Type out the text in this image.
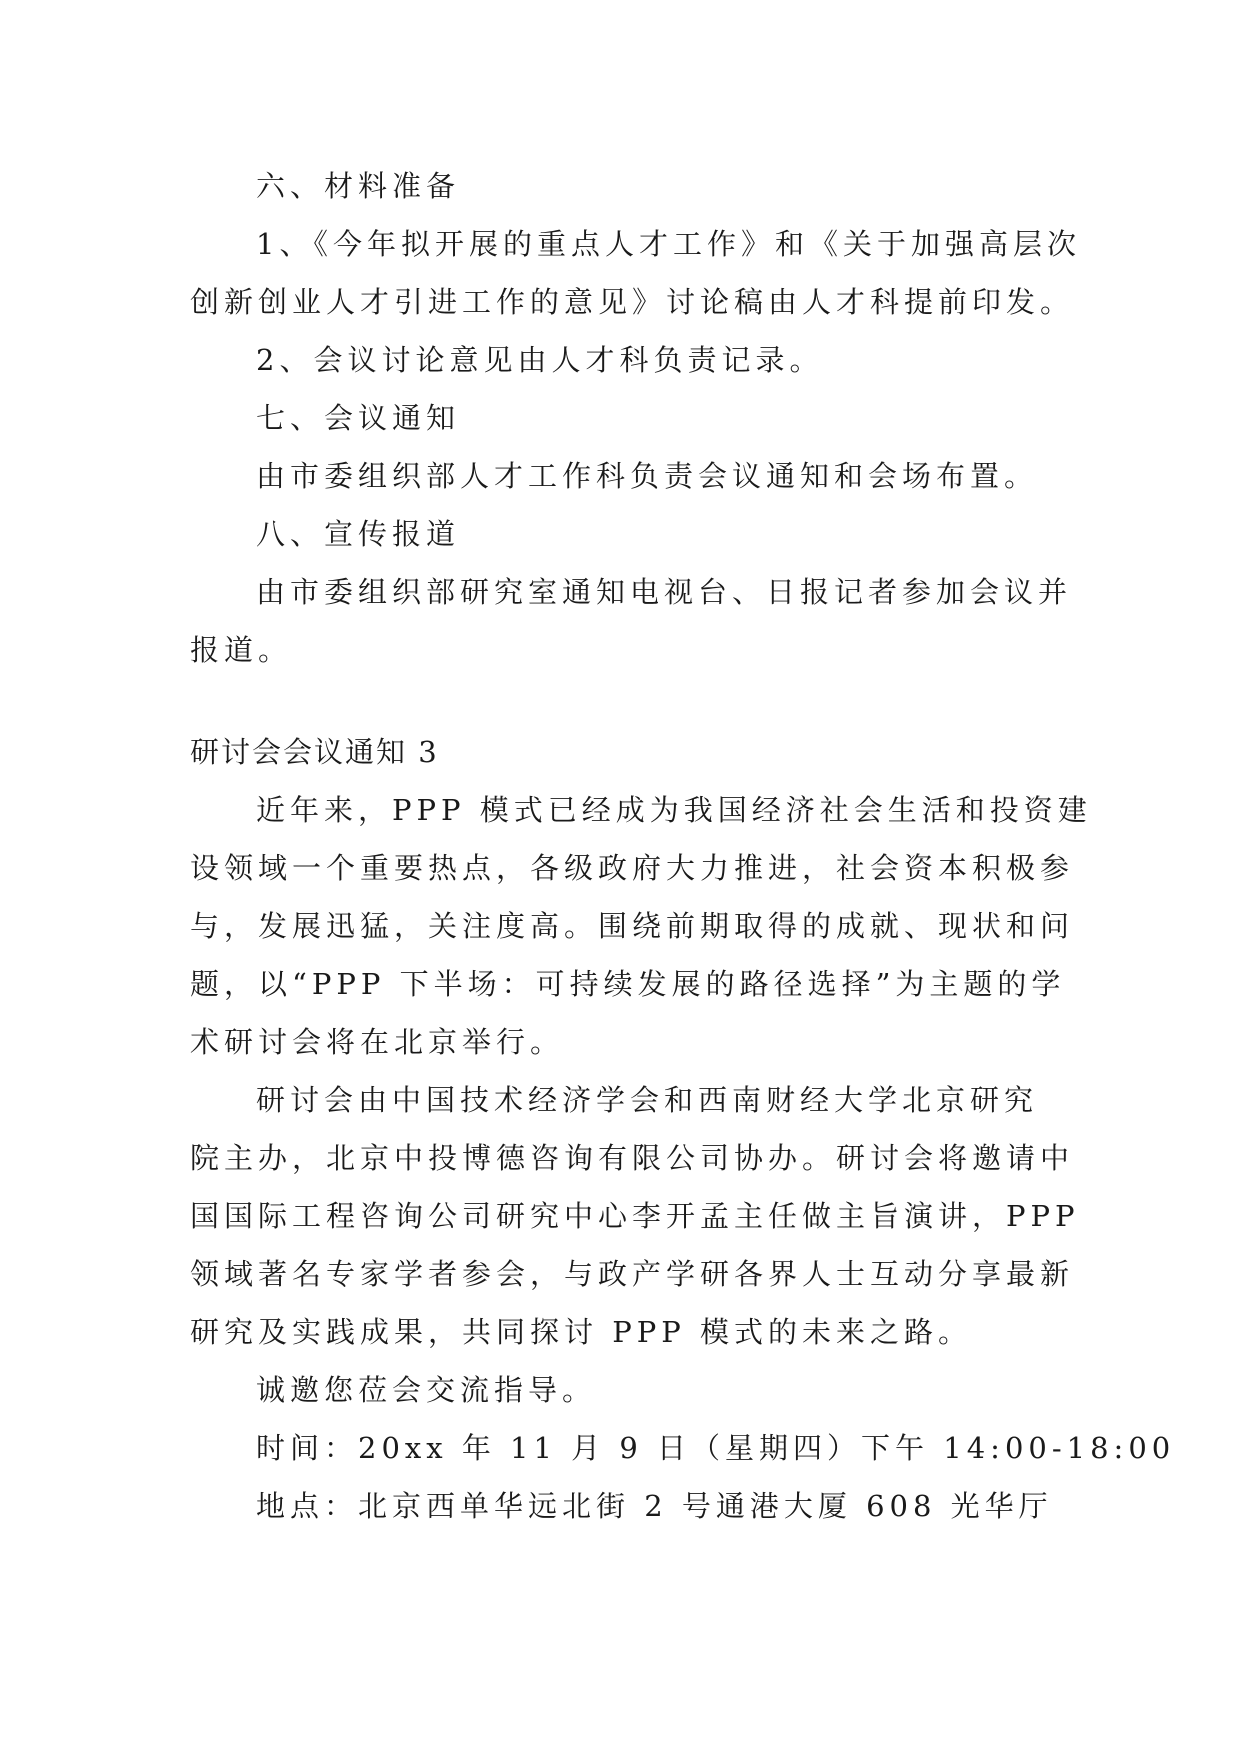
六、材料准备

1、《今年拟开展的重点人才工作》和《关于加强高层次

创新创业人才引进工作的意见》讨论稿由人才科提前印发。

2、会议讨论意见由人才科负责记录。

七、会议通知

由市委组织部人才工作科负责会议通知和会场布置。

八、宣传报道

由市委组织部研究室通知电视台、日报记者参加会议并

报道。

研讨会会议通知 3

近年来，PPP 模式已经成为我国经济社会生活和投资建

设领域一个重要热点，各级政府大力推进，社会资本积极参

与，发展迅猛，关注度高。围绕前期取得的成就、现状和问

题，以“PPP 下半场：可持续发展的路径选择”为主题的学

术研讨会将在北京举行。

研讨会由中国技术经济学会和西南财经大学北京研究

院主办，北京中投博德咨询有限公司协办。研讨会将邀请中

国国际工程咨询公司研究中心李开孟主任做主旨演讲，PPP

领域著名专家学者参会，与政产学研各界人士互动分享最新

研究及实践成果，共同探讨 PPP 模式的未来之路。

诚邀您莅会交流指导。

时间：20xx 年 11 月 9 日（星期四）下午 14:00-18:00

地点：北京西单华远北街 2 号通港大厦 608 光华厅
